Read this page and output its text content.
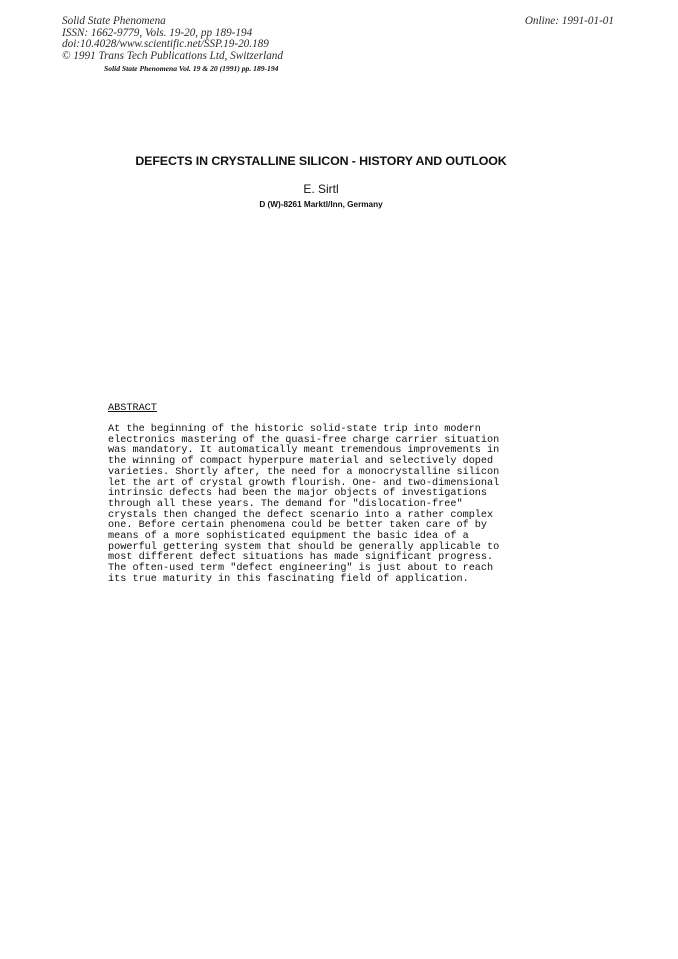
Solid State Phenomena
ISSN: 1662-9779, Vols. 19-20, pp 189-194
doi:10.4028/www.scientific.net/SSP.19-20.189
© 1991 Trans Tech Publications Ltd, Switzerland
Online: 1991-01-01
Solid State Phenomena Vol. 19 & 20 (1991) pp. 189-194
DEFECTS IN CRYSTALLINE SILICON - HISTORY AND OUTLOOK
E. Sirtl
D (W)-8261 Marktl/Inn, Germany
ABSTRACT
At the beginning of the historic solid-state trip into modern
electronics mastering of the quasi-free charge carrier situation
was mandatory. It automatically meant tremendous improvements in
the winning of compact hyperpure material and selectively doped
varieties. Shortly after, the need for a monocrystalline silicon
let the art of crystal growth flourish. One- and two-dimensional
intrinsic defects had been the major objects of investigations
through all these years. The demand for "dislocation-free"
crystals then changed the defect scenario into a rather complex
one. Before certain phenomena could be better taken care of by
means of a more sophisticated equipment the basic idea of a
powerful gettering system that should be generally applicable to
most different defect situations has made significant progress.
The often-used term "defect engineering" is just about to reach
its true maturity in this fascinating field of application.
